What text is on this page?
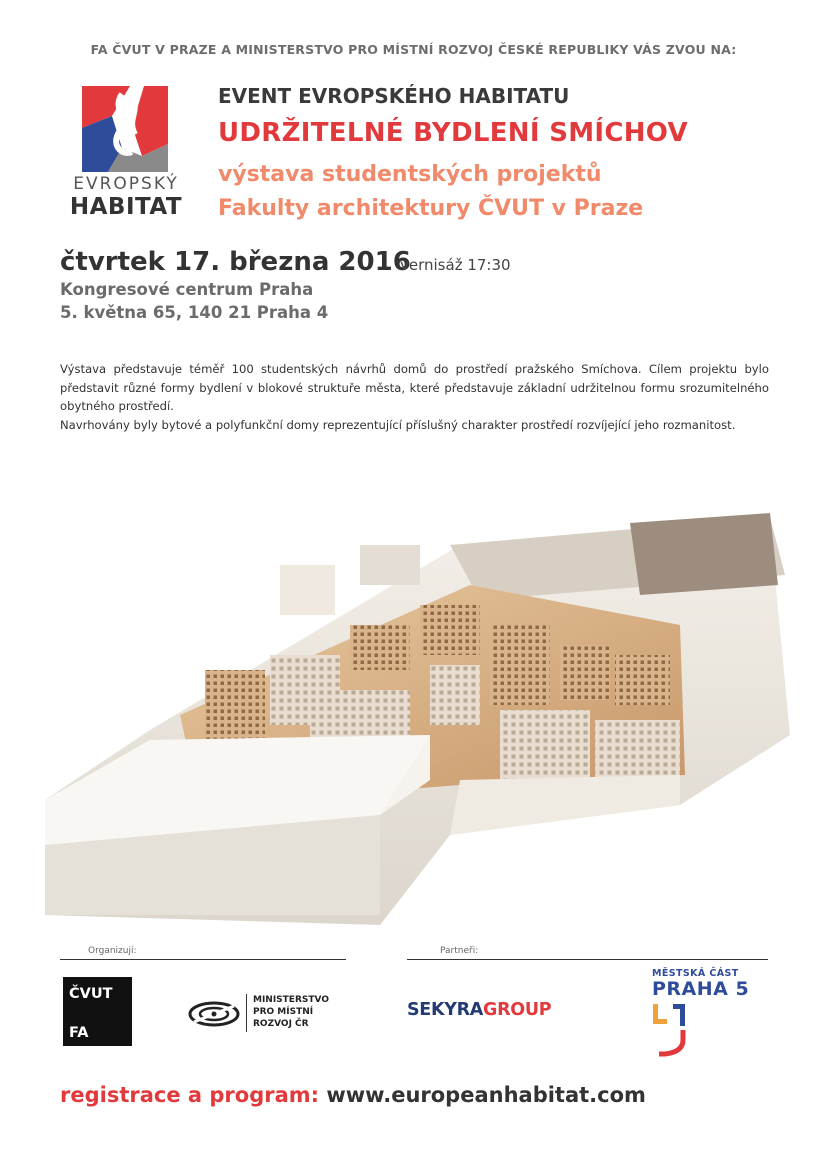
FA ČVUT V PRAZE A MINISTERSTVO PRO MÍSTNÍ ROZVOJ ČESKÉ REPUBLIKY VÁS ZVOU NA:
EVROPSKÝ
HABITAT
EVENT EVROPSKÉHO HABITATU
UDRŽITELNÉ BYDLENÍ SMÍCHOV
výstava studentských projektů
Fakulty architektury ČVUT v Praze
čtvrtek 17. března 2016
vernisáž 17:30
Kongresové centrum Praha
5. května 65, 140 21 Praha 4

Výstava představuje téměř 100 studentských návrhů domů do prostředí pražského Smíchova. Cílem projektu bylo představit různé formy bydlení v blokové struktuře města, které představuje základní udržitelnou formu srozumitelného obytného prostředí.

Navrhovány byly bytové a polyfunkční domy reprezentující příslušný charakter prostředí rozvíjející jeho rozmanitost.

Organizují:	Partneři:
ČVUT
FA
MINISTERSTVO
PRO MÍSTNÍ
ROZVOJ ČR
SEKYRAGROUP
MĚSTSKÁ ČÁST
PRAHA 5
registrace a program: www.europeanhabitat.com
